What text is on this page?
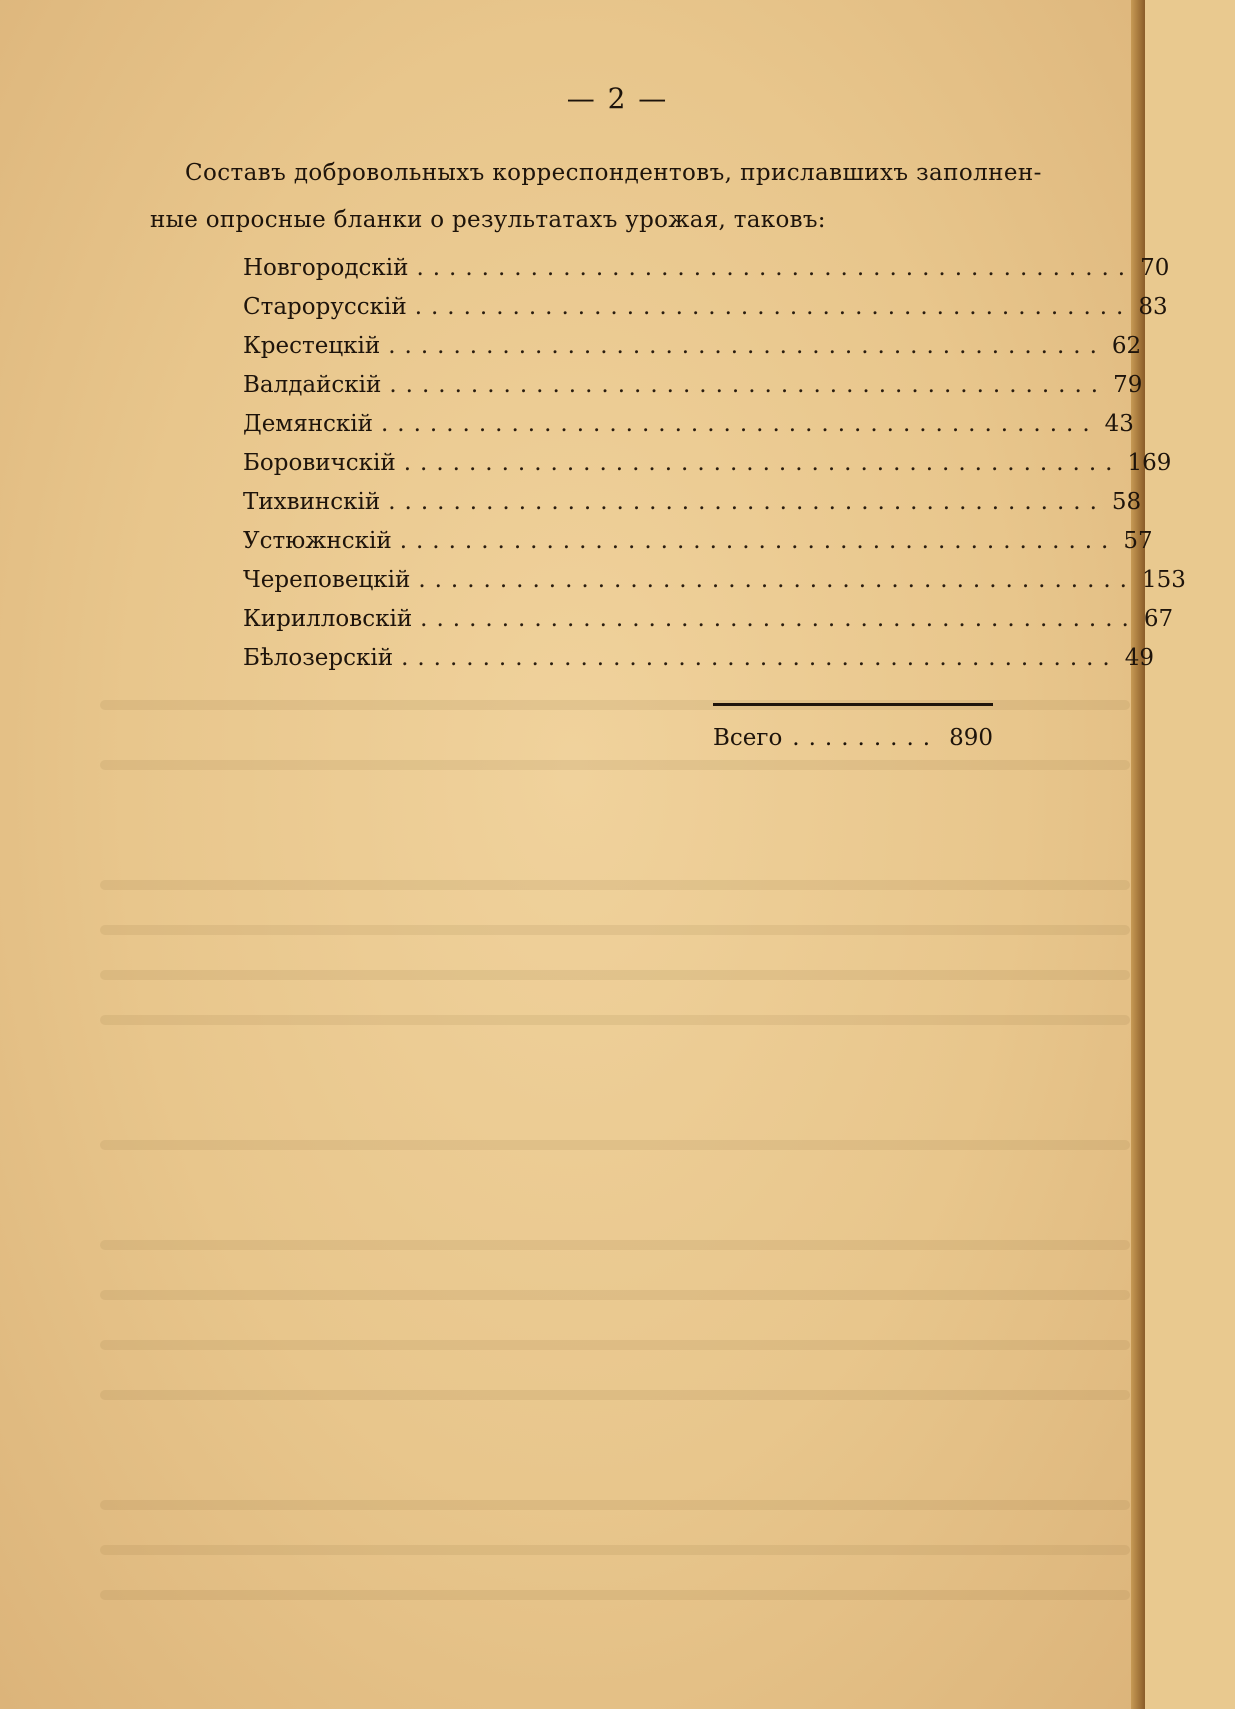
— 2 —

Составъ добровольныхъ корреспондентовъ, приславшихъ заполнен-
ные опросные бланки о результатахъ урожая, таковъ:

Новгородскій ............................................ 70
Старорусскій ............................................ 83
Крестецкій ............................................ 62
Валдайскій ............................................ 79
Демянскій ............................................ 43
Боровичскій ............................................ 169
Тихвинскій ............................................ 58
Устюжнскій ............................................ 57
Череповецкій ............................................ 153
Кирилловскій ............................................ 67
Бѣлозерскій ............................................ 49
Всего ......... 890
